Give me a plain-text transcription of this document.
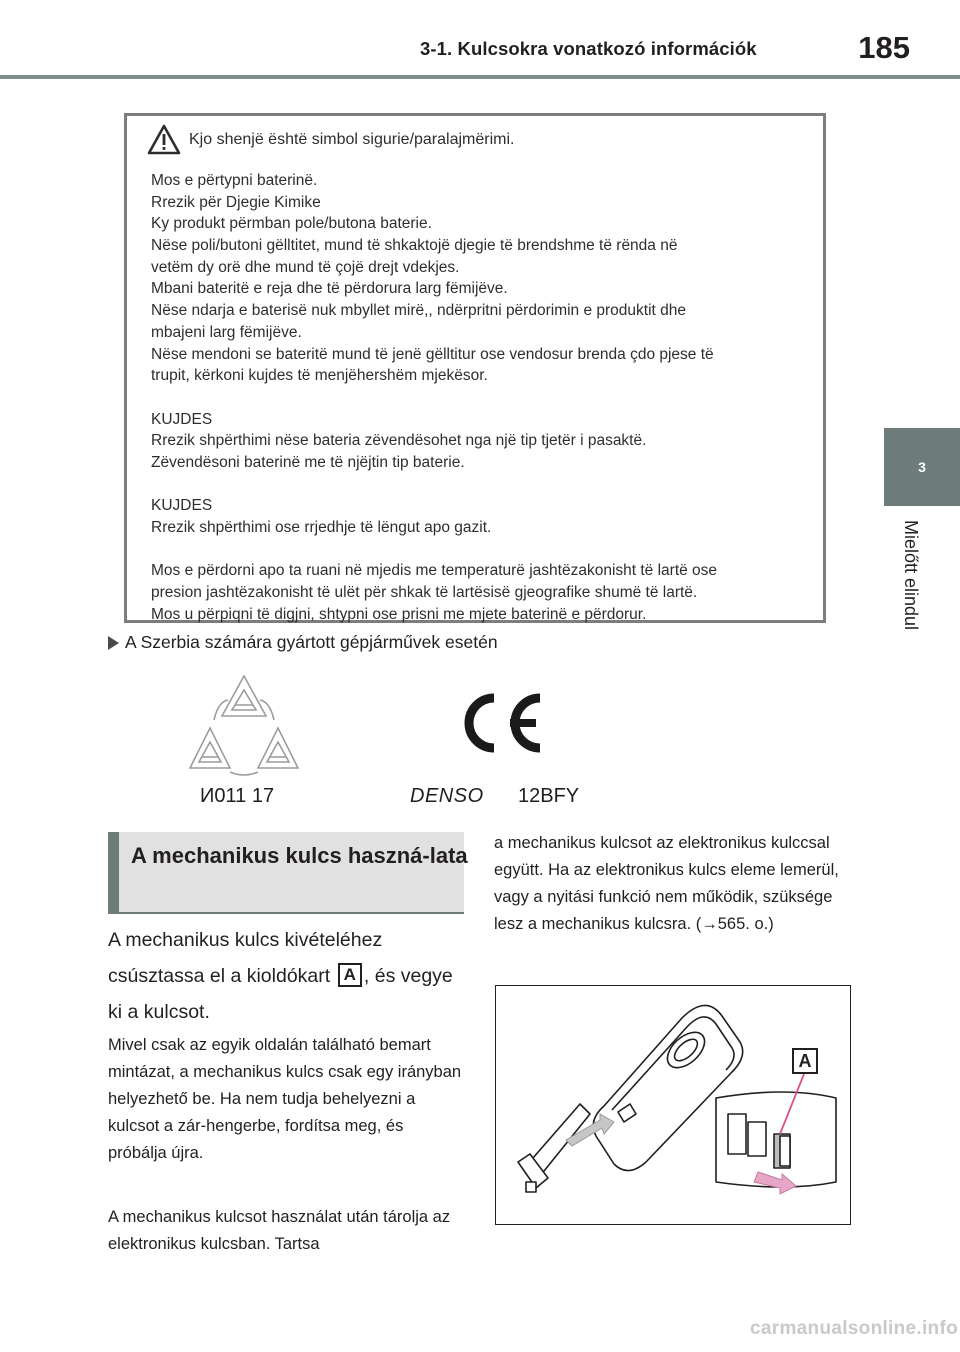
3-1. Kulcsokra vonatkozó információk	185
3
Mielőtt elindul
Kjo shenjë është simbol sigurie/paralajmërimi.
Mos e përtypni baterinë.
Rrezik për Djegie Kimike
Ky produkt përmban pole/butona baterie.
Nëse poli/butoni gëlltitet, mund të shkaktojë djegie të brendshme të rënda në
vetëm dy orë dhe mund të çojë drejt vdekjes.
Mbani bateritë e reja dhe të përdorura larg fëmijëve.
Nëse ndarja e baterisë nuk mbyllet mirë,, ndërpritni përdorimin e produktit dhe
mbajeni larg fëmijëve.
Nëse mendoni se bateritë mund të jenë gëlltitur ose vendosur brenda çdo pjese të
trupit, kërkoni kujdes të menjëhershëm mjekësor.
KUJDES
Rrezik shpërthimi nëse bateria zëvendësohet nga një tip tjetër i pasaktë.
Zëvendësoni baterinë me të njëjtin tip baterie.
KUJDES
Rrezik shpërthimi ose rrjedhje të lëngut apo gazit.
Mos e përdorni apo ta ruani në mjedis me temperaturë jashtëzakonisht të lartë ose
presion jashtëzakonisht të ulët për shkak të lartësisë gjeografike shumë të lartë.
Mos u përpiqni të digjni, shtypni ose prisni me mjete baterinë e përdorur.
A Szerbia számára gyártott gépjárművek esetén
И011 17	DENSO 12BFY
A mechanikus kulcs haszná-lata
A mechanikus kulcs kivételéhez csúsztassa el a kioldókart A , és vegye ki a kulcsot.
Mivel csak az egyik oldalán található bemart mintázat, a mechanikus kulcs csak egy irányban helyezhető be. Ha nem tudja behelyezni a kulcsot a zár-hengerbe, fordítsa meg, és próbálja újra.
A mechanikus kulcsot használat után tárolja az elektronikus kulcsban. Tartsa
a mechanikus kulcsot az elektronikus kulccsal együtt. Ha az elektronikus kulcs eleme lemerül, vagy a nyitási funkció nem működik, szüksége lesz a mechanikus kulcsra. (→565. o.)
A
carmanualsonline.info
